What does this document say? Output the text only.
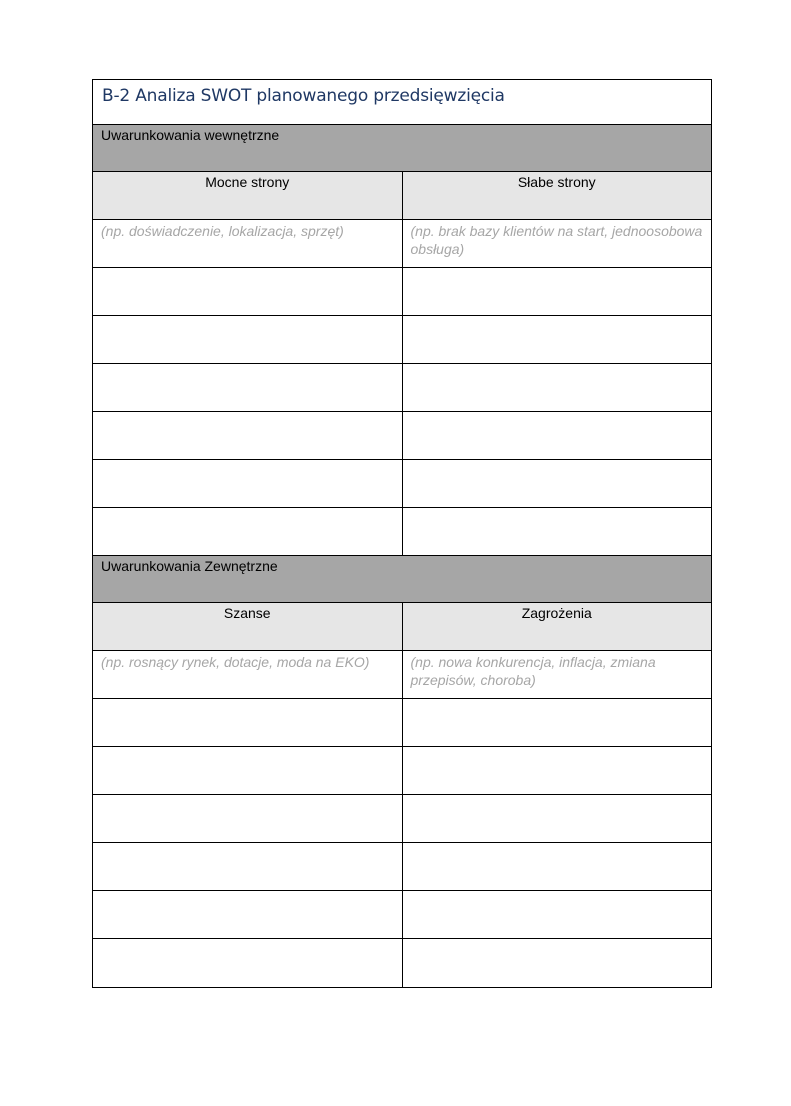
B-2 Analiza SWOT planowanego przedsięwzięcia
Uwarunkowania wewnętrzne
Mocne strony	Słabe strony
(np. doświadczenie, lokalizacja, sprzęt)	(np. brak bazy klientów na start, jednoosobowa obsługa)
Uwarunkowania Zewnętrzne
Szanse	Zagrożenia
(np. rosnący rynek, dotacje, moda na EKO)	(np. nowa konkurencja, inflacja, zmiana przepisów, choroba)
